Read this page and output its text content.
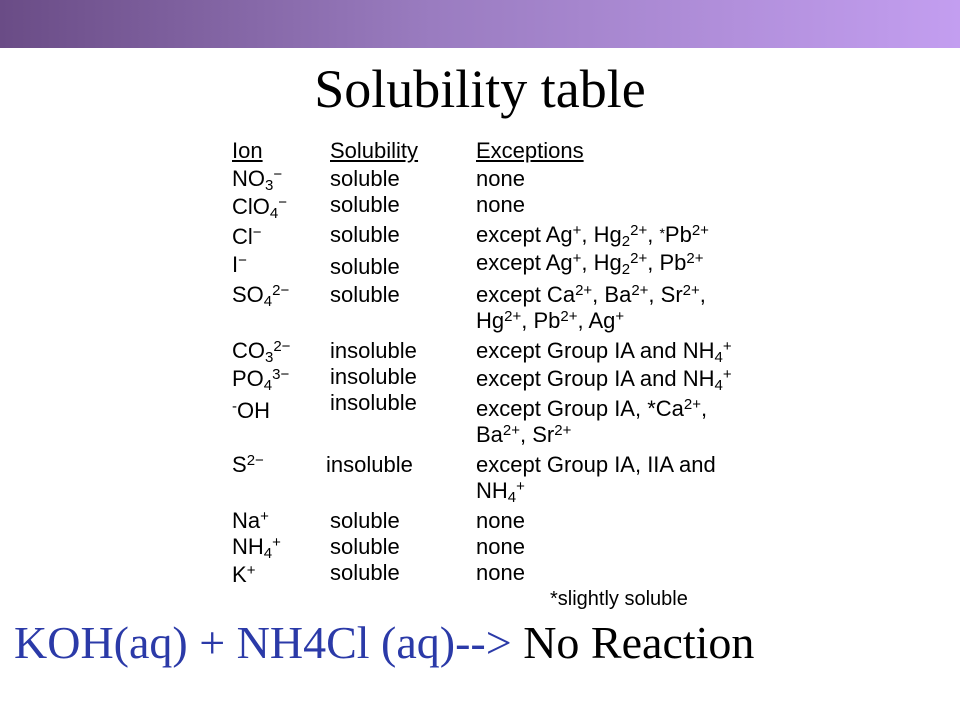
Solubility table
Ion	Solubility	Exceptions
$NO_3^-$ soluble	none
ClO$_4$− soluble	none
Cl−	soluble	except Ag+, $Hg_2^{2+}$, $*Pb^{2+}$
I−	soluble	except Ag+, $Hg_2^{2+}$, $Pb^{2+}$
$SO_4^{2-}$ soluble	except $Ca^{2+}$, $Ba^{2+}$, $Sr^{2+}$,
$Hg^{2+}$, $Pb^{2+}$, Ag+
$CO_3^{2-}$ insoluble	except Group IA and $NH_4^+$
$PO_4^{3-}$ insoluble	except Group IA and $NH_4^+$
-OH	insoluble	except Group IA, $*Ca^{2+}$,
$Ba^{2+}$, $Sr^{2+}$
$S^{2-}$	insoluble	except Group IA, IIA and
$NH_4^+$
Na+	soluble	none
$NH_4^+$ soluble	none
K+	soluble	none
*slightly soluble
KOH(aq) + NH4Cl (aq)--> No Reaction
